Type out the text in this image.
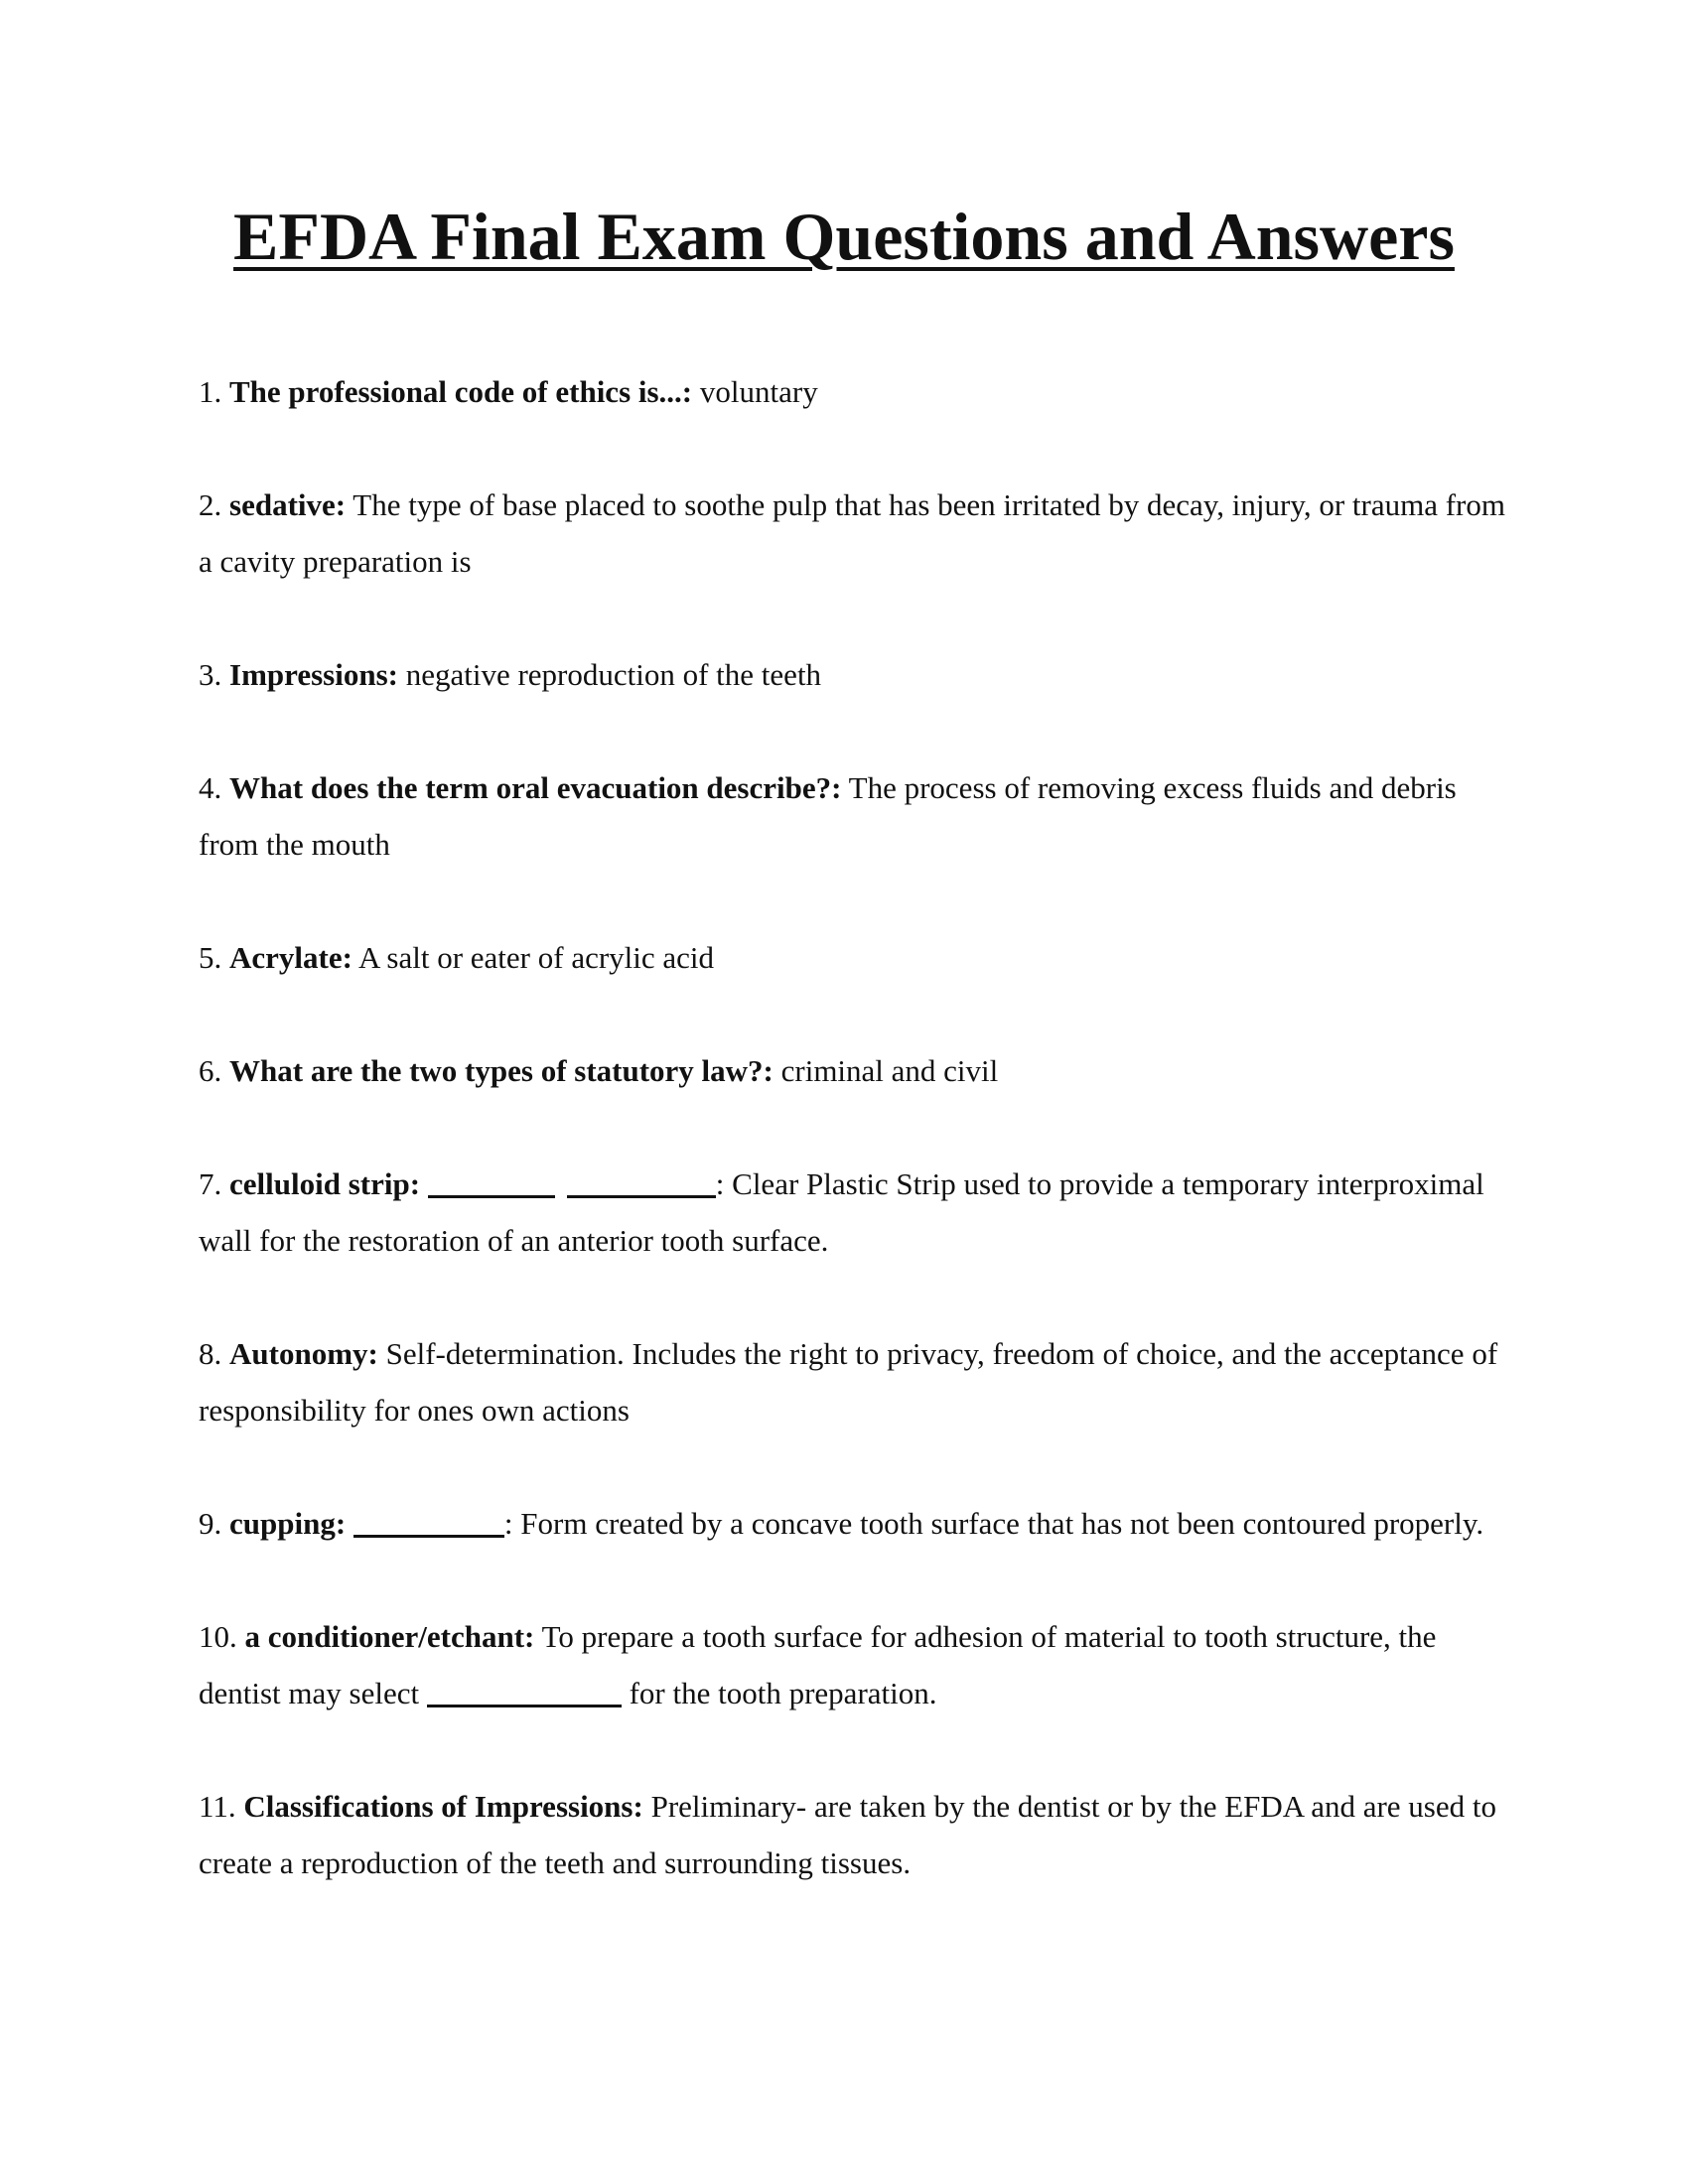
EFDA Final Exam Questions and Answers
1. The professional code of ethics is...: voluntary
2. sedative: The type of base placed to soothe pulp that has been irritated by decay, injury, or trauma from a cavity preparation is
3. Impressions: negative reproduction of the teeth
4. What does the term oral evacuation describe?: The process of removing excess fluids and debris from the mouth
5. Acrylate: A salt or eater of acrylic acid
6. What are the two types of statutory law?: criminal and civil
7. celluloid strip:	: Clear Plastic Strip used to provide a temporary interproximal wall for the restoration of an anterior tooth surface.
8. Autonomy: Self-determination. Includes the right to privacy, freedom of choice, and the acceptance of responsibility for ones own actions
9. cupping:	: Form created by a concave tooth surface that has not been contoured properly.
10. a conditioner/etchant: To prepare a tooth surface for adhesion of material to tooth structure, the dentist may select	for the tooth preparation.
11. Classifications of Impressions: Preliminary- are taken by the dentist or by the EFDA and are used to create a reproduction of the teeth and surrounding tissues.
